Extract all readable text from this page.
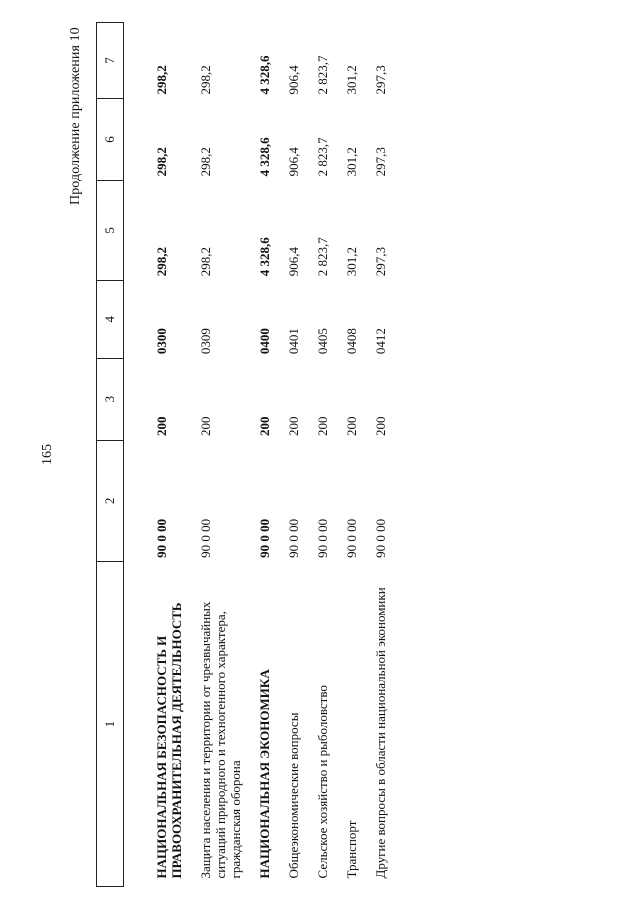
165
Продолжение приложения 10
1	2	3	4	5	6	7
НАЦИОНАЛЬНАЯ БЕЗОПАСНОСТЬ И ПРАВООХРАНИТЕЛЬНАЯ ДЕЯТЕЛЬНОСТЬ	90 0 00	200	0300	298,2	298,2	298,2
Защита населения и территории от чрезвычайных ситуаций природного и техногенного характера, гражданская оборона	90 0 00	200	0309	298,2	298,2	298,2
НАЦИОНАЛЬНАЯ ЭКОНОМИКА	90 0 00	200	0400	4 328,6	4 328,6	4 328,6
Общеэкономические вопросы	90 0 00	200	0401	906,4	906,4	906,4
Сельское хозяйство и рыболовство	90 0 00	200	0405	2 823,7	2 823,7	2 823,7
Транспорт	90 0 00	200	0408	301,2	301,2	301,2
Другие вопросы в области национальной экономики	90 0 00	200	0412	297,3	297,3	297,3
